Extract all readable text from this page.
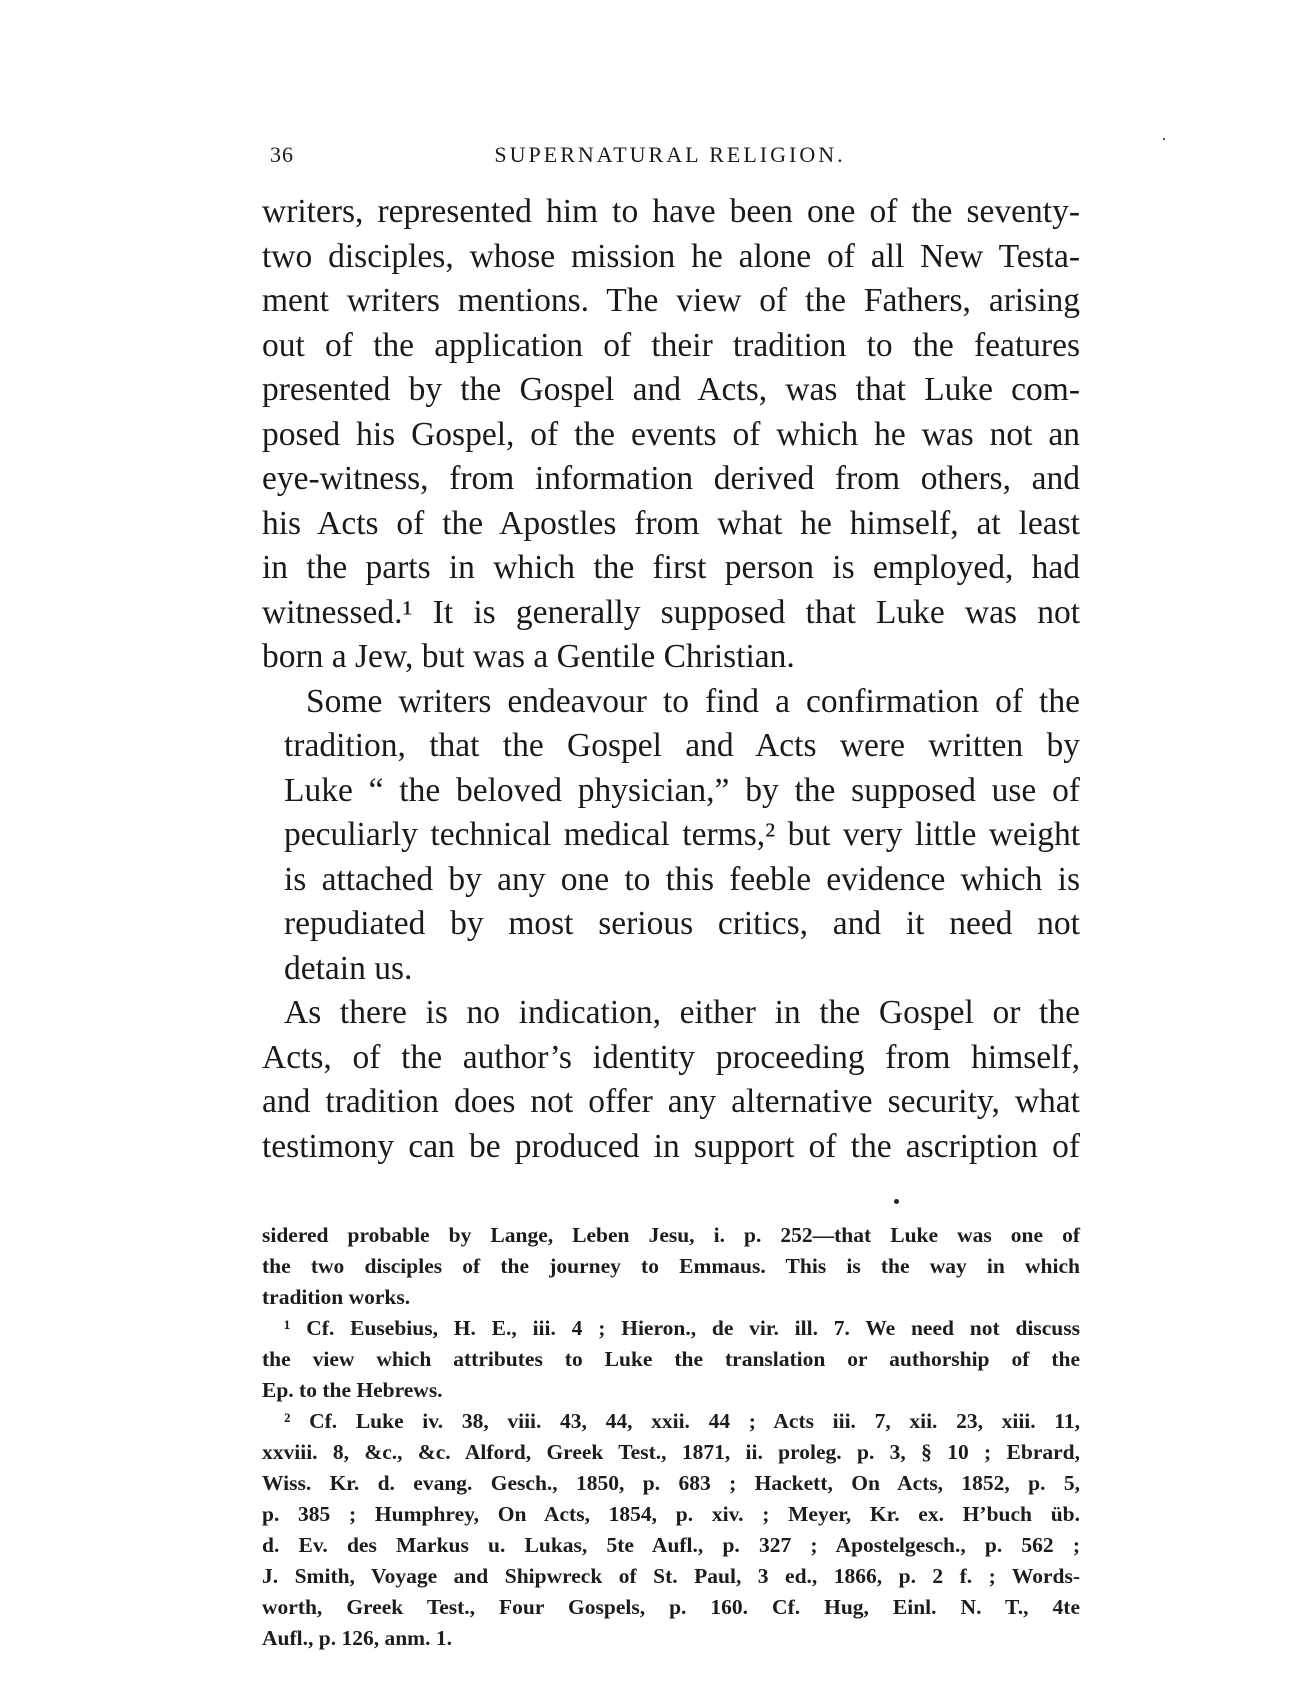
36	SUPERNATURAL RELIGION.

writers, represented him to have been one of the seventy-
two disciples, whose mission he alone of all New Testa-
ment writers mentions. The view of the Fathers, arising
out of the application of their tradition to the features
presented by the Gospel and Acts, was that Luke com-
posed his Gospel, of the events of which he was not an
eye-witness, from information derived from others, and
his Acts of the Apostles from what he himself, at least
in the parts in which the first person is employed, had
witnessed.¹ It is generally supposed that Luke was not
born a Jew, but was a Gentile Christian.

Some writers endeavour to find a confirmation of the
tradition, that the Gospel and Acts were written by
Luke “ the beloved physician,” by the supposed use of
peculiarly technical medical terms,² but very little weight
is attached by any one to this feeble evidence which is
repudiated by most serious critics, and it need not
detain us.

As there is no indication, either in the Gospel or the
Acts, of the author’s identity proceeding from himself,
and tradition does not offer any alternative security, what
testimony can be produced in support of the ascription of

sidered probable by Lange, Leben Jesu, i. p. 252—that Luke was one of
the two disciples of the journey to Emmaus. This is the way in which
tradition works.
¹ Cf. Eusebius, H. E., iii. 4 ; Hieron., de vir. ill. 7. We need not discuss
the view which attributes to Luke the translation or authorship of the
Ep. to the Hebrews.
² Cf. Luke iv. 38, viii. 43, 44, xxii. 44 ; Acts iii. 7, xii. 23, xiii. 11,
xxviii. 8, &c., &c. Alford, Greek Test., 1871, ii. proleg. p. 3, § 10 ; Ebrard,
Wiss. Kr. d. evang. Gesch., 1850, p. 683 ; Hackett, On Acts, 1852, p. 5,
p. 385 ; Humphrey, On Acts, 1854, p. xiv. ; Meyer, Kr. ex. H’buch üb.
d. Ev. des Markus u. Lukas, 5te Aufl., p. 327 ; Apostelgesch., p. 562 ;
J. Smith, Voyage and Shipwreck of St. Paul, 3 ed., 1866, p. 2 f. ; Words-
worth, Greek Test., Four Gospels, p. 160. Cf. Hug, Einl. N. T., 4te
Aufl., p. 126, anm. 1.
